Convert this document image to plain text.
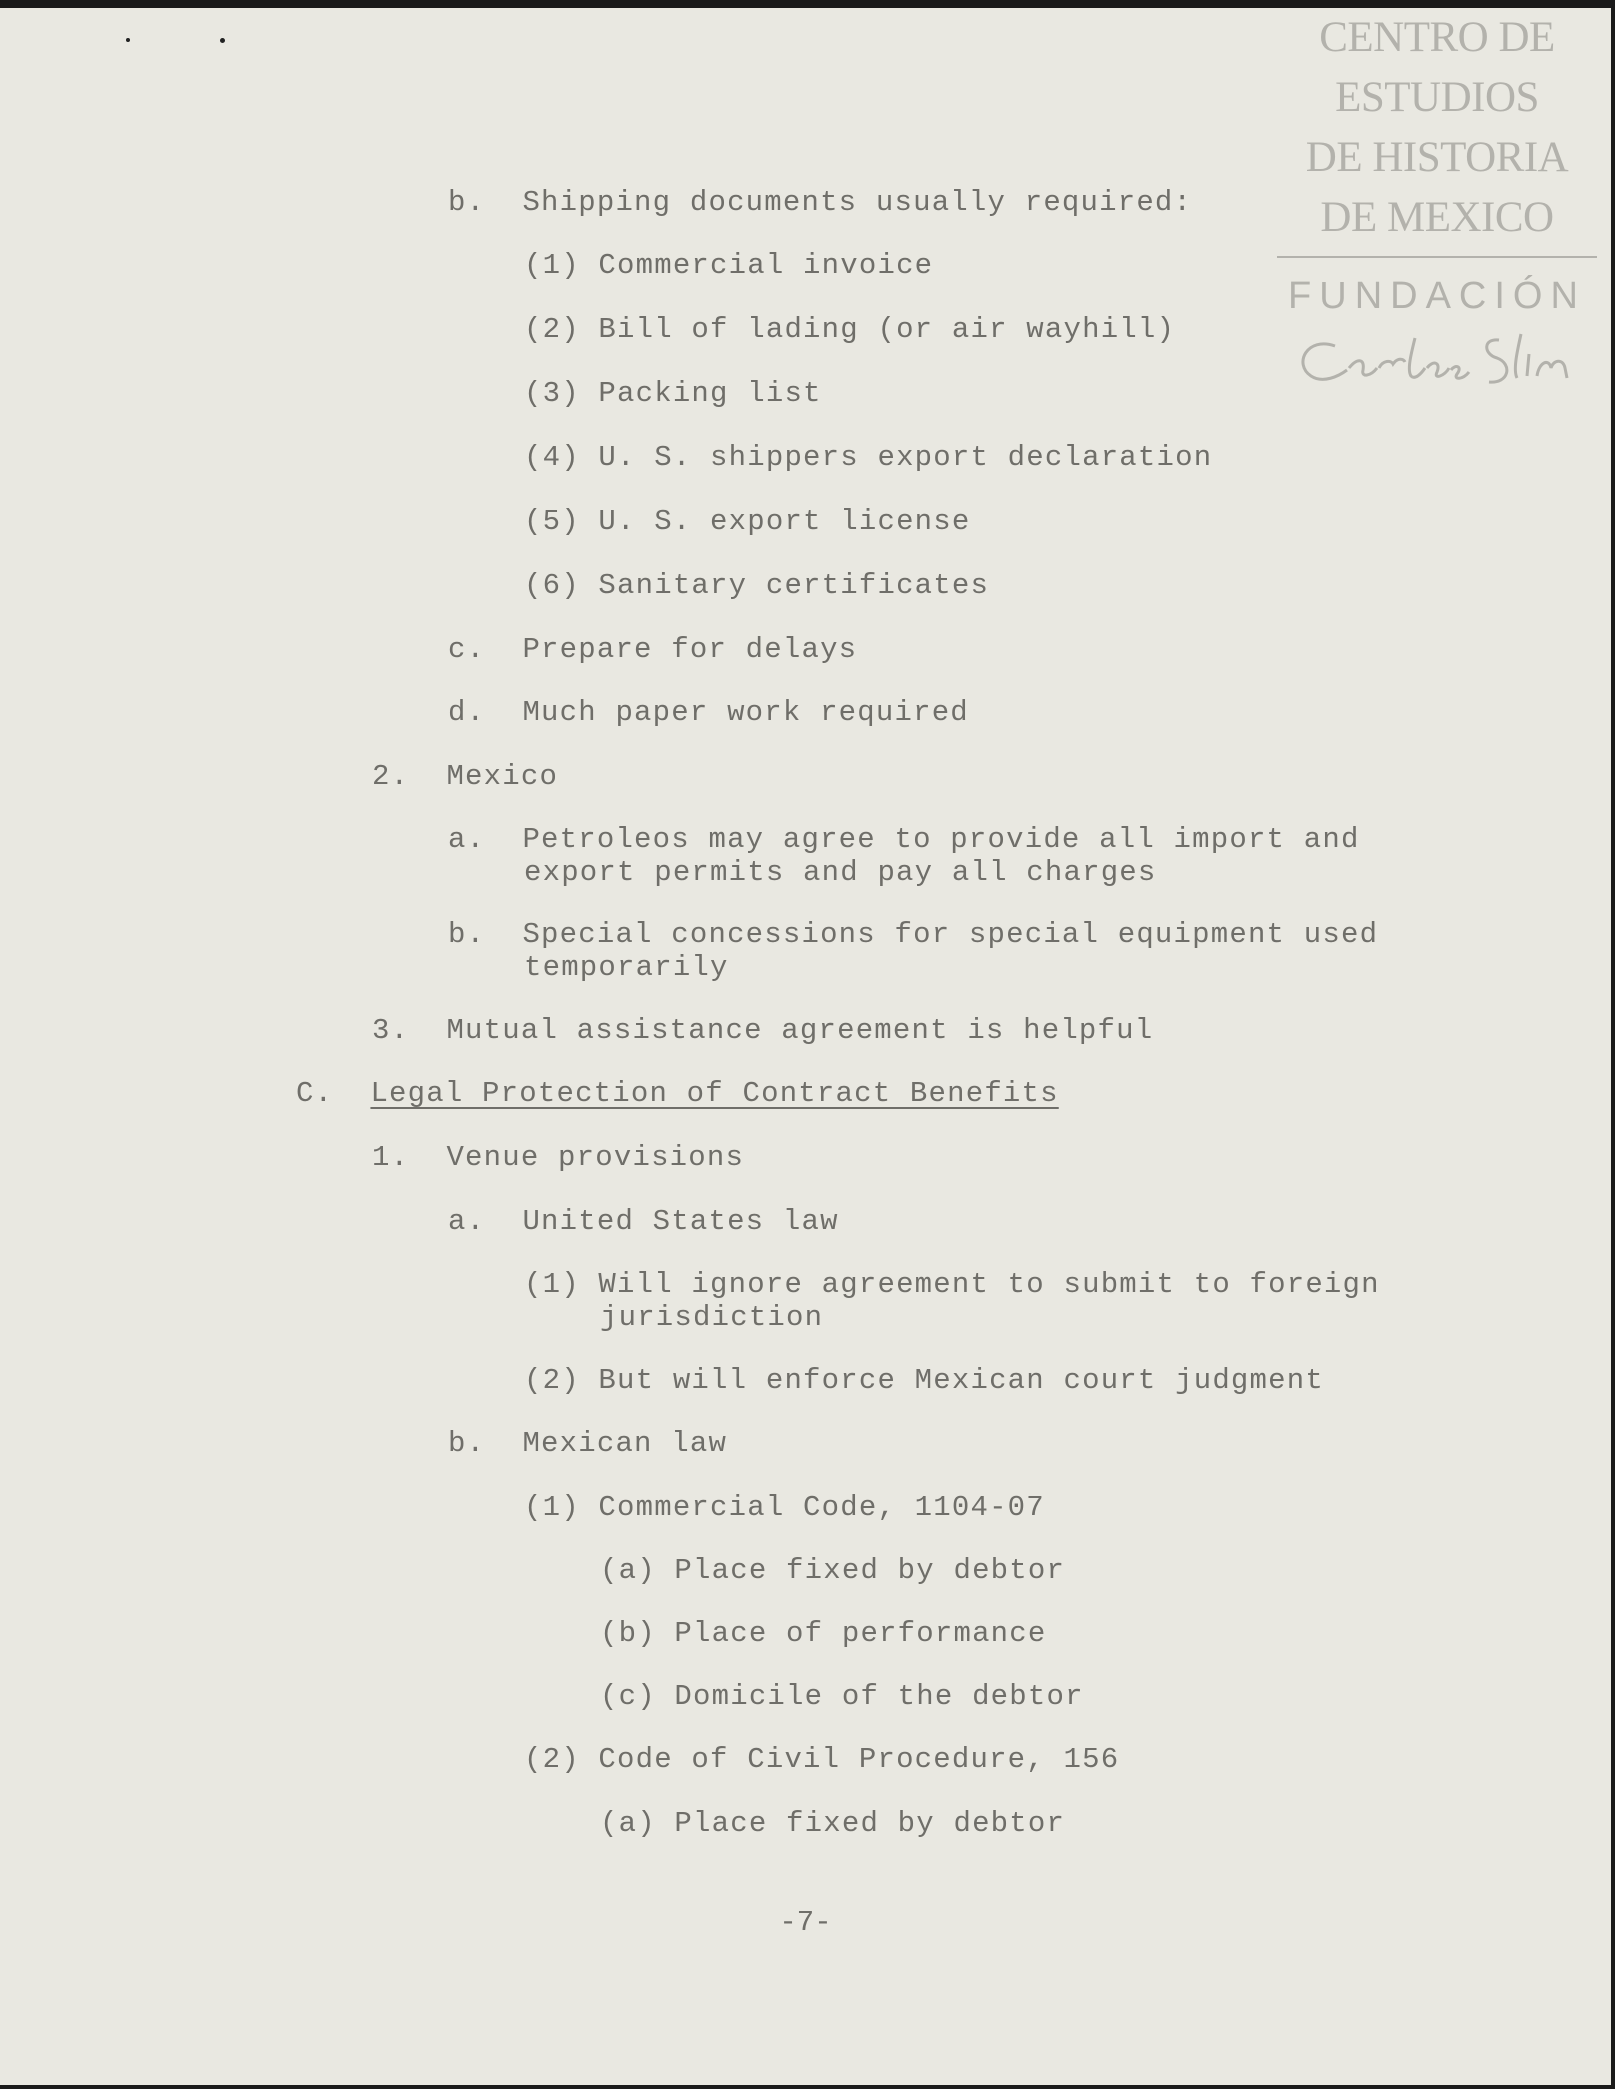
CENTRO DE
ESTUDIOS
DE HISTORIA
DE MEXICO
FUNDACIÓN
b. Shipping documents usually required:
(1) Commercial invoice
(2) Bill of lading (or air wayhill)
(3) Packing list
(4) U. S. shippers export declaration
(5) U. S. export license
(6) Sanitary certificates
c. Prepare for delays
d. Much paper work required
2. Mexico
a. Petroleos may agree to provide all import and
export permits and pay all charges
b. Special concessions for special equipment used
temporarily
3. Mutual assistance agreement is helpful
C. Legal Protection of Contract Benefits
1. Venue provisions
a. United States law
(1) Will ignore agreement to submit to foreign
jurisdiction
(2) But will enforce Mexican court judgment
b. Mexican law
(1) Commercial Code, 1104-07
(a) Place fixed by debtor
(b) Place of performance
(c) Domicile of the debtor
(2) Code of Civil Procedure, 156
(a) Place fixed by debtor
-7-
